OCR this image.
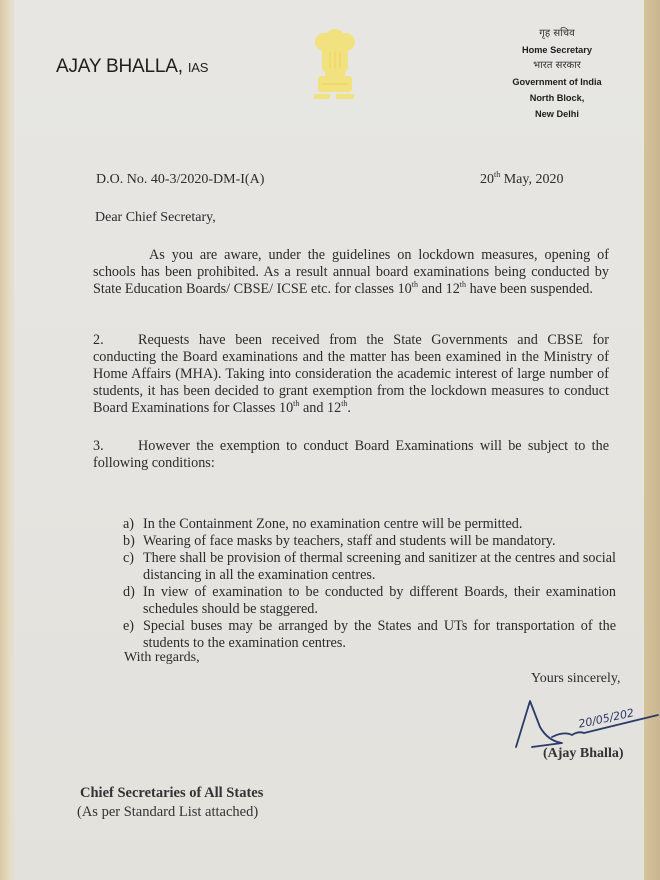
AJAY BHALLA, IAS
गृह सचिव
Home Secretary
भारत सरकार
Government of India
North Block,
New Delhi
D.O. No. 40-3/2020-DM-I(A)	20th May, 2020
Dear Chief Secretary,
As you are aware, under the guidelines on lockdown measures, opening of schools has been prohibited. As a result annual board examinations being conducted by State Education Boards/ CBSE/ ICSE etc. for classes 10th and 12th have been suspended.
2. Requests have been received from the State Governments and CBSE for conducting the Board examinations and the matter has been examined in the Ministry of Home Affairs (MHA). Taking into consideration the academic interest of large number of students, it has been decided to grant exemption from the lockdown measures to conduct Board Examinations for Classes 10th and 12th.
3. However the exemption to conduct Board Examinations will be subject to the following conditions:
a) In the Containment Zone, no examination centre will be permitted.
b) Wearing of face masks by teachers, staff and students will be mandatory.
c) There shall be provision of thermal screening and sanitizer at the centres and social distancing in all the examination centres.
d) In view of examination to be conducted by different Boards, their examination schedules should be staggered.
e) Special buses may be arranged by the States and UTs for transportation of the students to the examination centres.
With regards,
Yours sincerely,
20/05/202
(Ajay Bhalla)
Chief Secretaries of All States
(As per Standard List attached)
